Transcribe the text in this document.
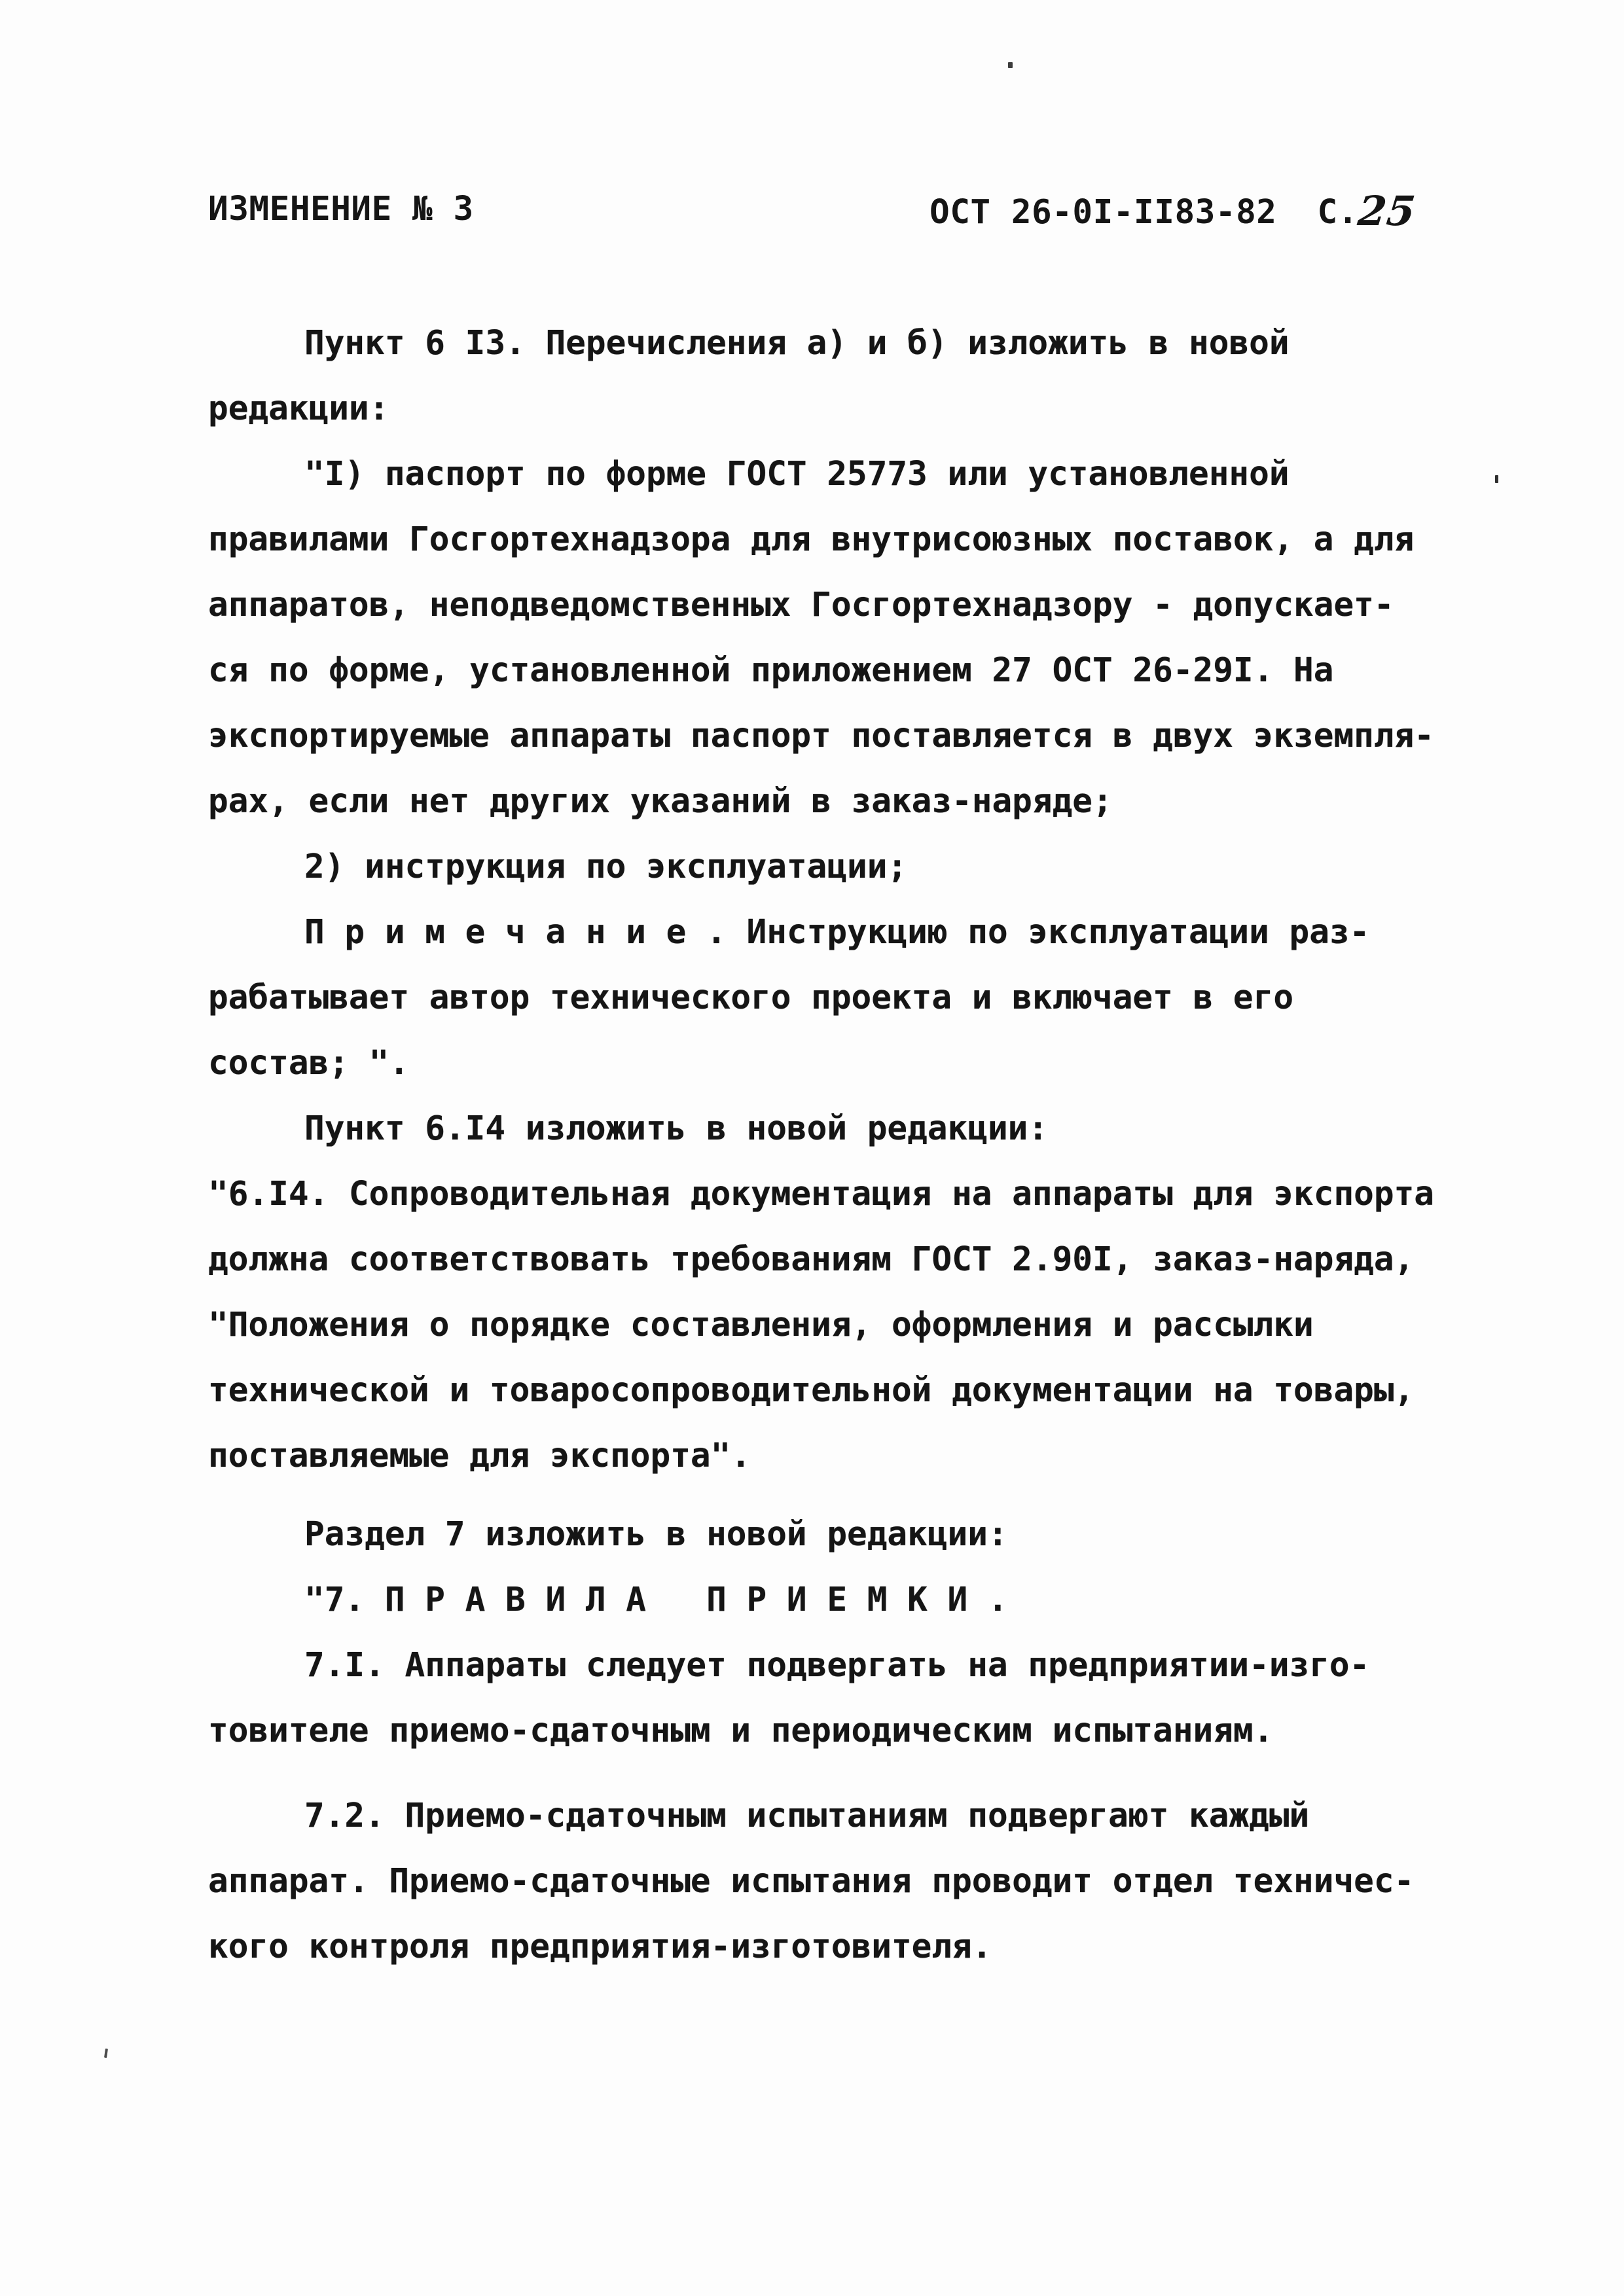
ИЗМЕНЕНИЕ № 3	ОСТ 26-0I-II83-82 С.25
Пункт 6 I3. Перечисления а) и б) изложить в новой
редакции:
"I) паспорт по форме ГОСТ 25773 или установленной
правилами Госгортехнадзора для внутрисоюзных поставок, а для
аппаратов, неподведомственных Госгортехнадзору - допускает-
ся по форме, установленной приложением 27 ОСТ 26-29I. На
экспортируемые аппараты паспорт поставляется в двух экземпля-
рах, если нет других указаний в заказ-наряде;
2) инструкция по эксплуатации;
П р и м е ч а н и е . Инструкцию по эксплуатации раз-
рабатывает автор технического проекта и включает в его
состав; ".
Пункт 6.I4 изложить в новой редакции:
"6.I4. Сопроводительная документация на аппараты для экспорта
должна соответствовать требованиям ГОСТ 2.90I, заказ-наряда,
"Положения о порядке составления, оформления и рассылки
технической и товаросопроводительной документации на товары,
поставляемые для экспорта".
Раздел 7 изложить в новой редакции:
"7. П Р А В И Л А   П Р И Е М К И .
7.I. Аппараты следует подвергать на предприятии-изго-
товителе приемо-сдаточным и периодическим испытаниям.
7.2. Приемо-сдаточным испытаниям подвергают каждый
аппарат. Приемо-сдаточные испытания проводит отдел техничес-
кого контроля предприятия-изготовителя.
